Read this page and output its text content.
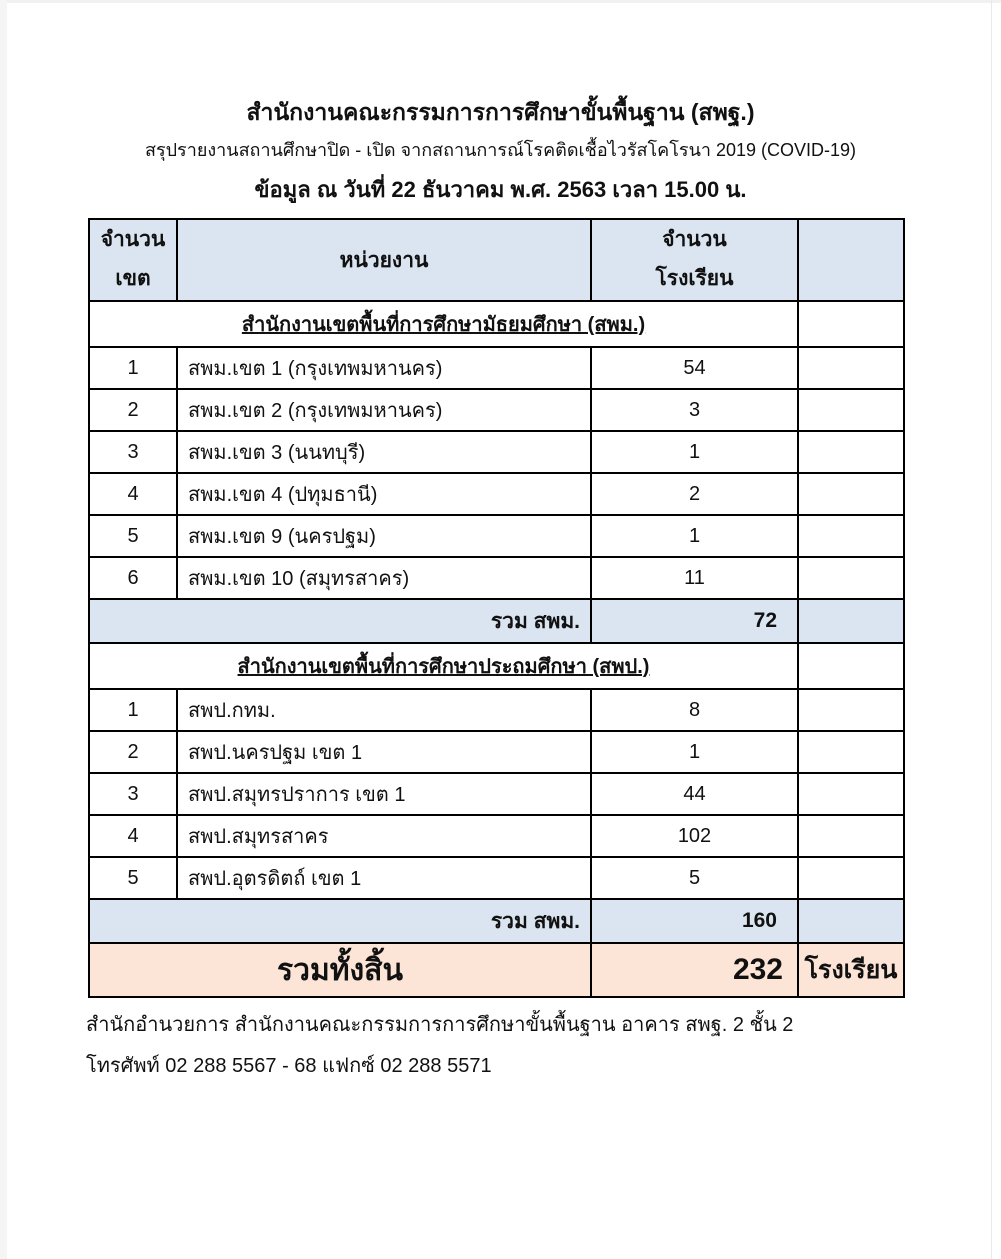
สำนักงานคณะกรรมการการศึกษาขั้นพื้นฐาน (สพฐ.)
สรุปรายงานสถานศึกษาปิด - เปิด จากสถานการณ์โรคติดเชื้อไวรัสโคโรนา 2019 (COVID-19)
ข้อมูล ณ วันที่ 22 ธันวาคม พ.ศ. 2563 เวลา 15.00 น.
จำนวน
เขต
	หน่วยงาน	
จำนวน
โรงเรียน

สำนักงานเขตพื้นที่การศึกษามัธยมศึกษา (สพม.)			
1	สพม.เขต 1 (กรุงเทพมหานคร)	54	
2	สพม.เขต 2 (กรุงเทพมหานคร)	3	
3	สพม.เขต 3 (นนทบุรี)	1	
4	สพม.เขต 4 (ปทุมธานี)	2	
5	สพม.เขต 9 (นครปฐม)	1	
6	สพม.เขต 10 (สมุทรสาคร)	11	
รวม สพม.		72	
สำนักงานเขตพื้นที่การศึกษาประถมศึกษา (สพป.)			
1	สพป.กทม.	8	
2	สพป.นครปฐม เขต 1	1	
3	สพป.สมุทรปราการ เขต 1	44	
4	สพป.สมุทรสาคร	102	
5	สพป.อุตรดิตถ์ เขต 1	5	
รวม สพม.		160	
รวมทั้งสิ้น		232	โรงเรียน
สำนักอำนวยการ สำนักงานคณะกรรมการการศึกษาขั้นพื้นฐาน อาคาร สพฐ. 2 ชั้น 2
โทรศัพท์ 02 288 5567 - 68 แฟกซ์ 02 288 5571
